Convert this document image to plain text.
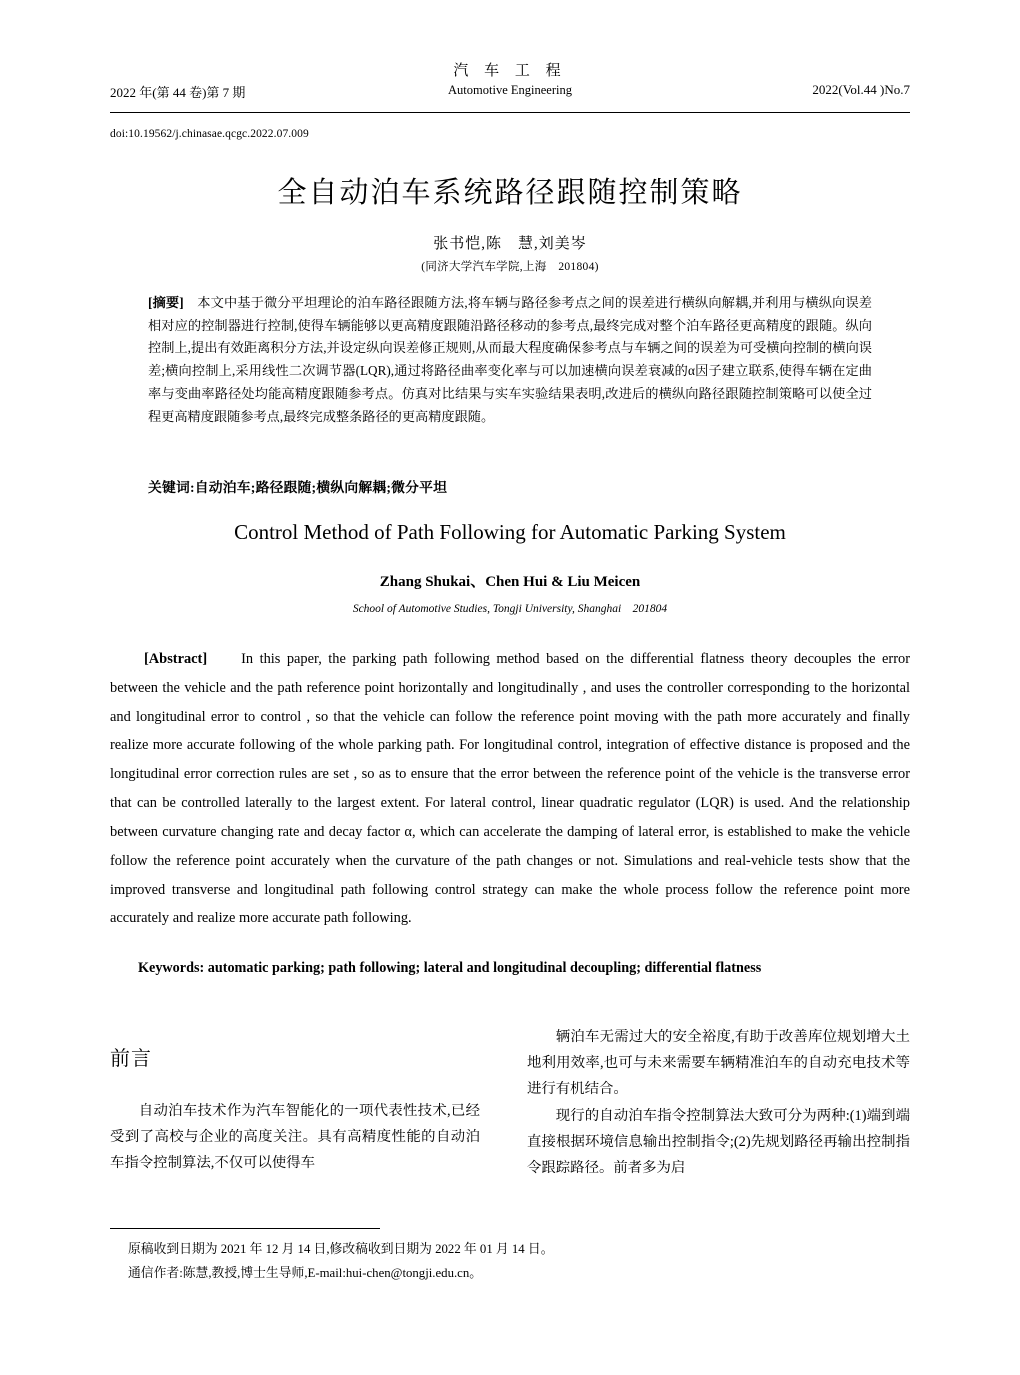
汽 车 工 程
Automotive Engineering
2022 年(第 44 卷)第 7 期	2022(Vol.44 )No.7
doi:10.19562/j.chinasae.qcgc.2022.07.009
全自动泊车系统路径跟随控制策略
张书恺,陈　慧,刘美岑
(同济大学汽车学院,上海　201804)
[摘要]　本文中基于微分平坦理论的泊车路径跟随方法,将车辆与路径参考点之间的误差进行横纵向解耦,并利用与横纵向误差相对应的控制器进行控制,使得车辆能够以更高精度跟随沿路径移动的参考点,最终完成对整个泊车路径更高精度的跟随。纵向控制上,提出有效距离积分方法,并设定纵向误差修正规则,从而最大程度确保参考点与车辆之间的误差为可受横向控制的横向误差;横向控制上,采用线性二次调节器(LQR),通过将路径曲率变化率与可以加速横向误差衰减的α因子建立联系,使得车辆在定曲率与变曲率路径处均能高精度跟随参考点。仿真对比结果与实车实验结果表明,改进后的横纵向路径跟随控制策略可以使全过程更高精度跟随参考点,最终完成整条路径的更高精度跟随。
关键词:自动泊车;路径跟随;横纵向解耦;微分平坦
Control Method of Path Following for Automatic Parking System
Zhang Shukai、Chen Hui & Liu Meicen
School of Automotive Studies, Tongji University, Shanghai　201804
[Abstract] In this paper, the parking path following method based on the differential flatness theory decouples the error between the vehicle and the path reference point horizontally and longitudinally , and uses the controller corresponding to the horizontal and longitudinal error to control , so that the vehicle can follow the reference point moving with the path more accurately and finally realize more accurate following of the whole parking path. For longitudinal control, integration of effective distance is proposed and the longitudinal error correction rules are set , so as to ensure that the error between the reference point of the vehicle is the transverse error that can be controlled laterally to the largest extent. For lateral control, linear quadratic regulator (LQR) is used. And the relationship between curvature changing rate and decay factor α, which can accelerate the damping of lateral error, is established to make the vehicle follow the reference point accurately when the curvature of the path changes or not. Simulations and real-vehicle tests show that the improved transverse and longitudinal path following control strategy can make the whole process follow the reference point more accurately and realize more accurate path following.
Keywords: automatic parking; path following; lateral and longitudinal decoupling; differential flatness
前言

自动泊车技术作为汽车智能化的一项代表性技术,已经受到了高校与企业的高度关注。具有高精度性能的自动泊车指令控制算法,不仅可以使得车

辆泊车无需过大的安全裕度,有助于改善库位规划增大土地利用效率,也可与未来需要车辆精准泊车的自动充电技术等进行有机结合。

现行的自动泊车指令控制算法大致可分为两种:(1)端到端直接根据环境信息输出控制指令;(2)先规划路径再输出控制指令跟踪路径。前者多为启

原稿收到日期为 2021 年 12 月 14 日,修改稿收到日期为 2022 年 01 月 14 日。
通信作者:陈慧,教授,博士生导师,E-mail:hui-chen@tongji.edu.cn。
